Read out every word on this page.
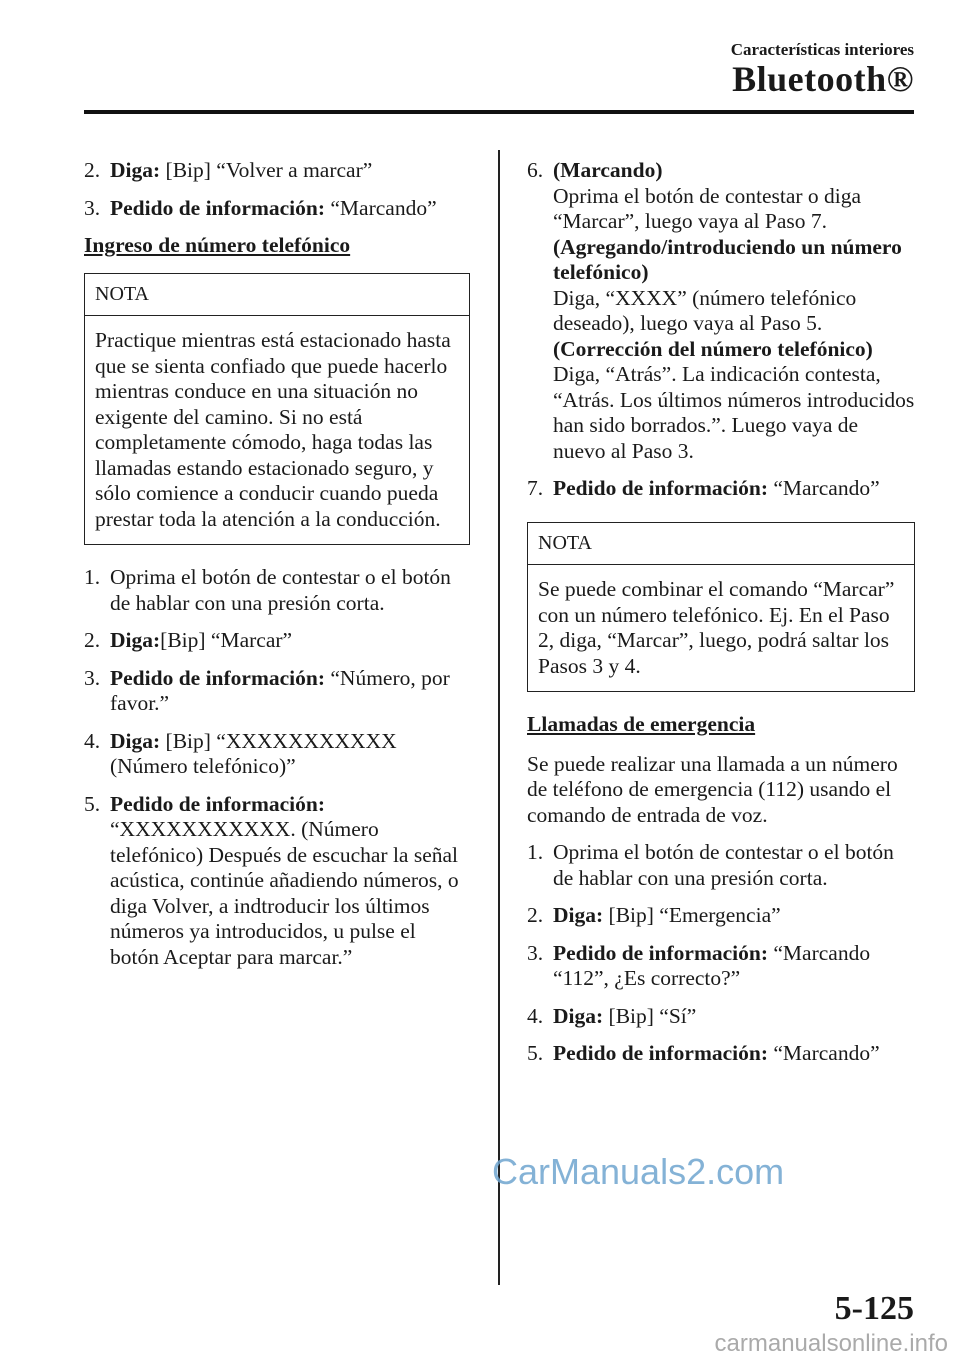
Características interiores
Bluetooth®
2. Diga: [Bip] “Volver a marcar”
3. Pedido de información: “Marcando”
Ingreso de número telefónico
NOTA
Practique mientras está estacionado hasta que se sienta confiado que puede hacerlo mientras conduce en una situación no exigente del camino. Si no está completamente cómodo, haga todas las llamadas estando estacionado seguro, y sólo comience a conducir cuando pueda prestar toda la atención a la conducción.
1. Oprima el botón de contestar o el botón de hablar con una presión corta.
2. Diga:[Bip] “Marcar”
3. Pedido de información: “Número, por favor.”
4. Diga: [Bip] “XXXXXXXXXXX (Número telefónico)”
5. Pedido de información: “XXXXXXXXXXX. (Número telefónico) Después de escuchar la señal acústica, continúe añadiendo números, o diga Volver, a indtroducir los últimos números ya introducidos, u pulse el botón Aceptar para marcar.”
6. (Marcando)
Oprima el botón de contestar o diga “Marcar”, luego vaya al Paso 7.
(Agregando/introduciendo un número telefónico)
Diga, “XXXX” (número telefónico deseado), luego vaya al Paso 5.
(Corrección del número telefónico)
Diga, “Atrás”. La indicación contesta, “Atrás. Los últimos números introducidos han sido borrados.”. Luego vaya de nuevo al Paso 3.
7. Pedido de información: “Marcando”
NOTA
Se puede combinar el comando “Marcar” con un número telefónico. Ej. En el Paso 2, diga, “Marcar”, luego, podrá saltar los Pasos 3 y 4.
Llamadas de emergencia
Se puede realizar una llamada a un número de teléfono de emergencia (112) usando el comando de entrada de voz.
1. Oprima el botón de contestar o el botón de hablar con una presión corta.
2. Diga: [Bip] “Emergencia”
3. Pedido de información: “Marcando “112”, ¿Es correcto?”
4. Diga: [Bip] “Sí”
5. Pedido de información: “Marcando”
CarManuals2.com
5-125
carmanualsonline.info
